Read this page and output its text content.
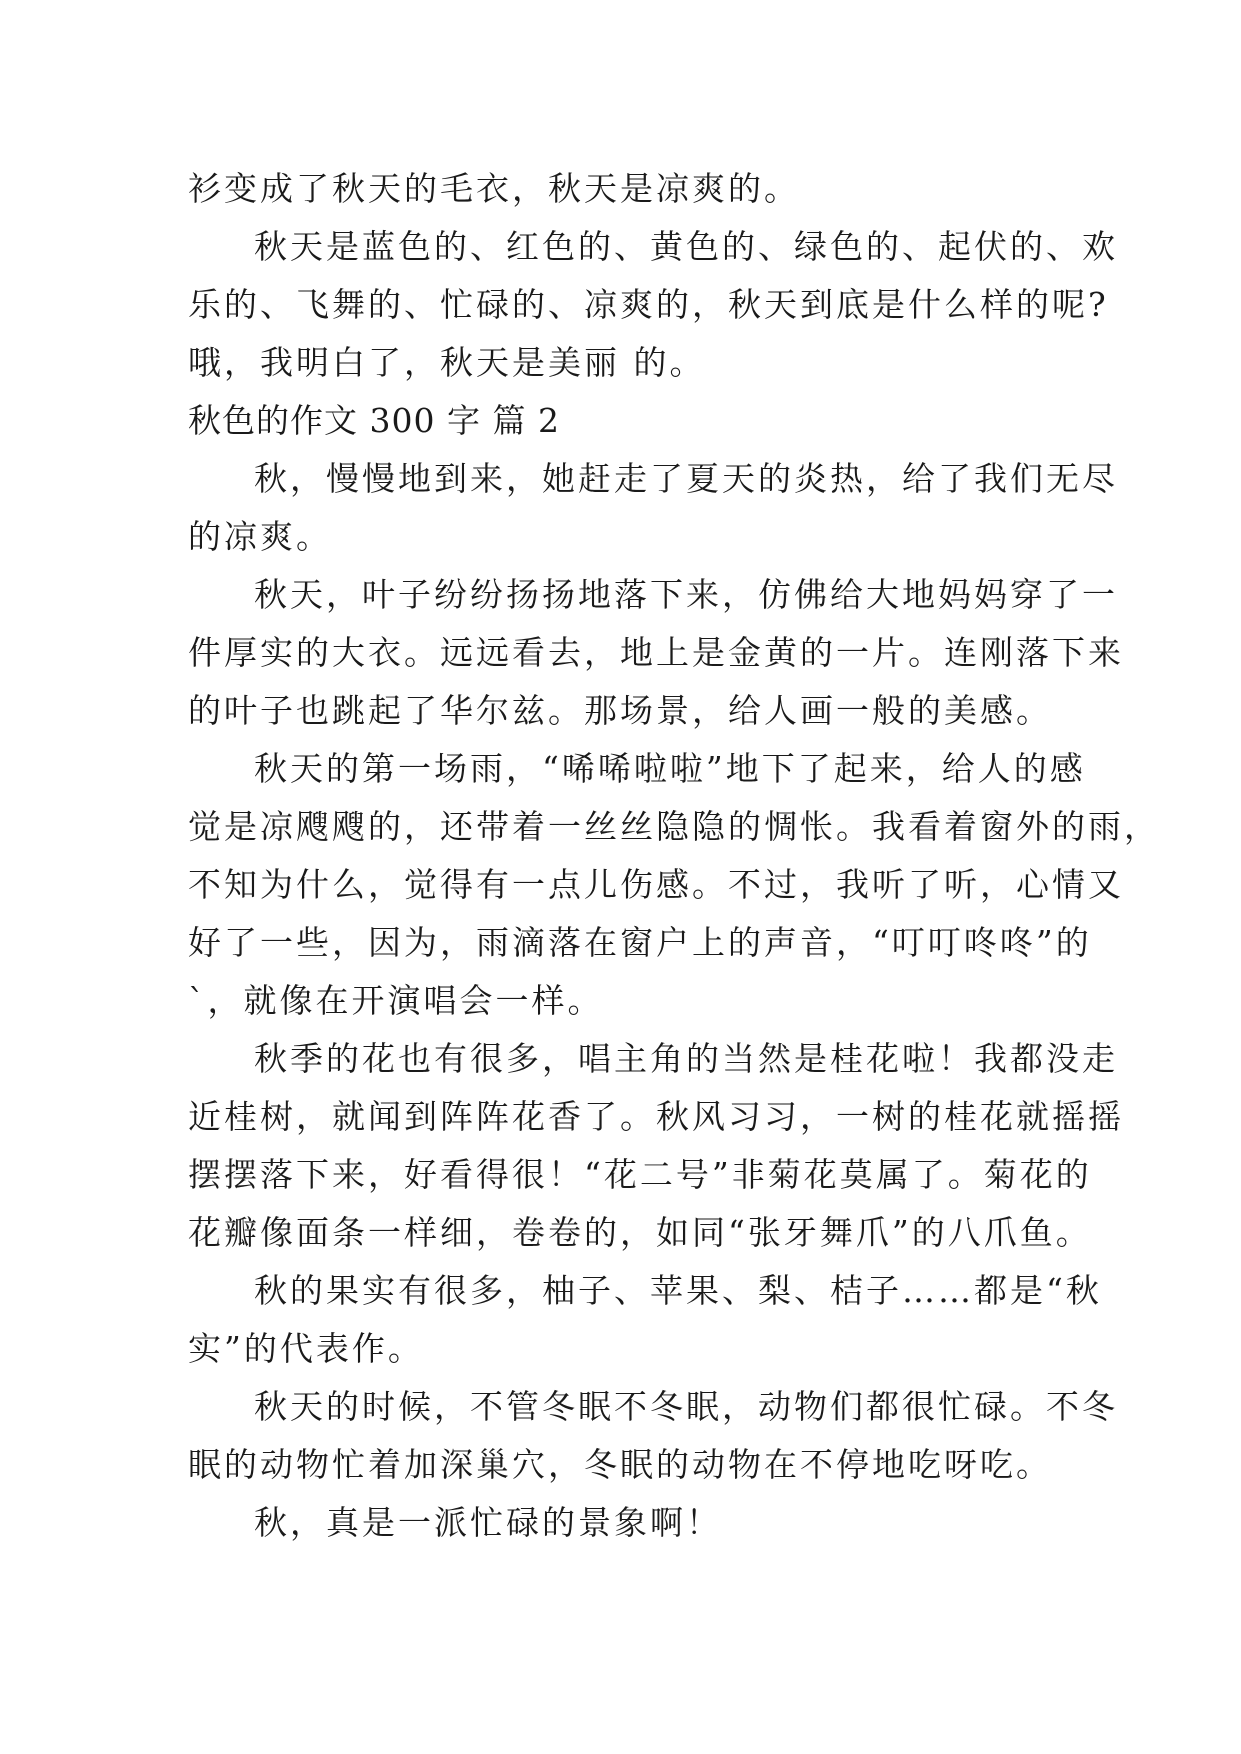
衫变成了秋天的毛衣，秋天是凉爽的。
秋天是蓝色的、红色的、黄色的、绿色的、起伏的、欢
乐的、飞舞的、忙碌的、凉爽的，秋天到底是什么样的呢?
哦，我明白了，秋天是美丽 的。
秋色的作文 300 字 篇 2
秋，慢慢地到来，她赶走了夏天的炎热，给了我们无尽
的凉爽。
秋天，叶子纷纷扬扬地落下来，仿佛给大地妈妈穿了一
件厚实的大衣。远远看去，地上是金黄的一片。连刚落下来
的叶子也跳起了华尔兹。那场景，给人画一般的美感。
秋天的第一场雨，“唏唏啦啦”地下了起来，给人的感
觉是凉飕飕的，还带着一丝丝隐隐的惆怅。我看着窗外的雨，
不知为什么，觉得有一点儿伤感。不过，我听了听，心情又
好了一些，因为，雨滴落在窗户上的声音，“叮叮咚咚”的
`，就像在开演唱会一样。
秋季的花也有很多，唱主角的当然是桂花啦！我都没走
近桂树，就闻到阵阵花香了。秋风习习，一树的桂花就摇摇
摆摆落下来，好看得很！“花二号”非菊花莫属了。菊花的
花瓣像面条一样细，卷卷的，如同“张牙舞爪”的八爪鱼。
秋的果实有很多，柚子、苹果、梨、桔子……都是“秋
实”的代表作。
秋天的时候，不管冬眠不冬眠，动物们都很忙碌。不冬
眠的动物忙着加深巢穴，冬眠的动物在不停地吃呀吃。
秋，真是一派忙碌的景象啊！
